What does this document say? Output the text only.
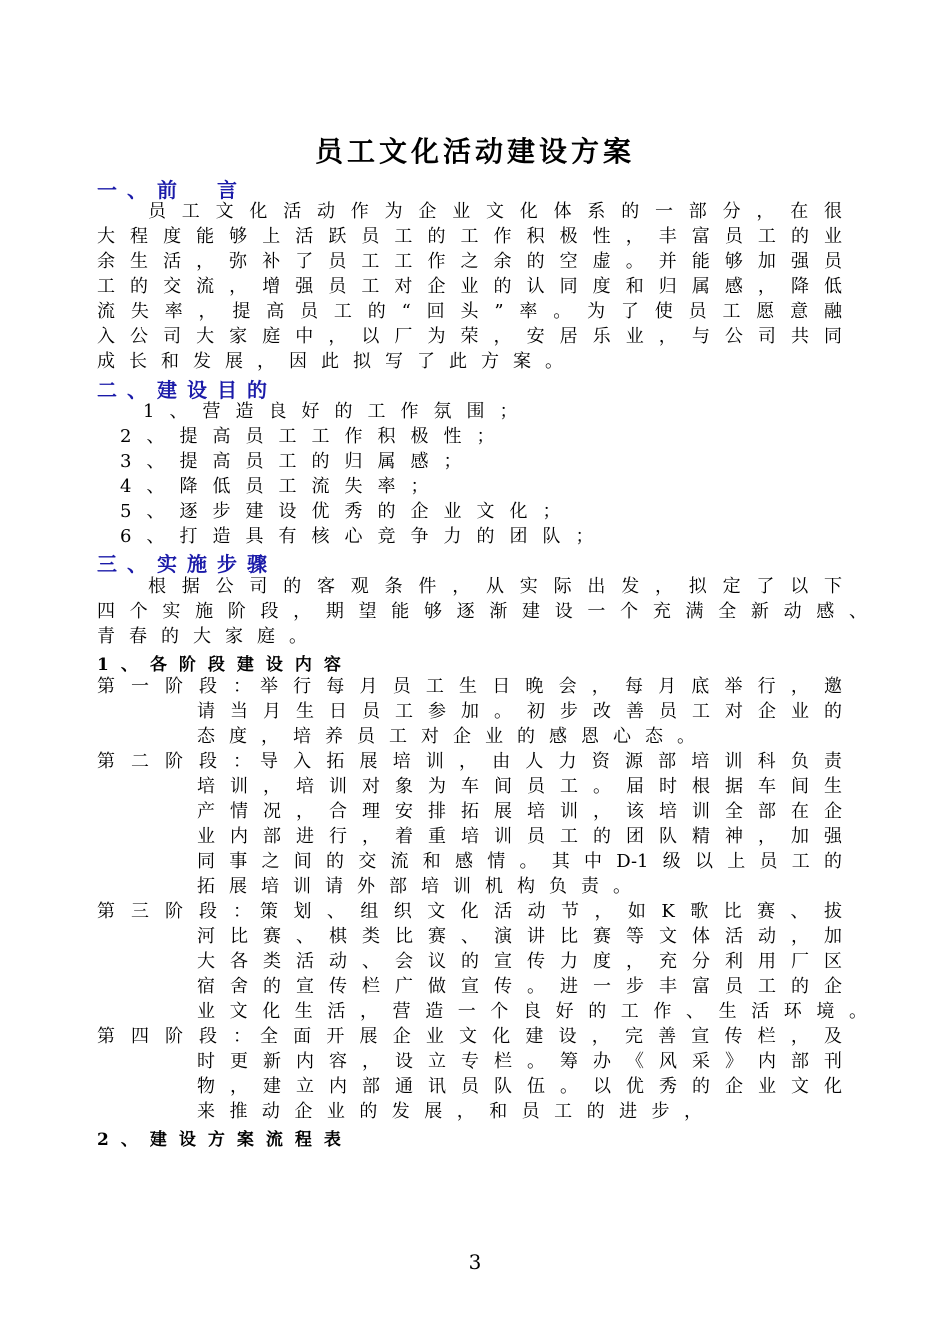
员工文化活动建设方案
一、前　言
员工文化活动作为企业文化体系的一部分，在很
大程度能够上活跃员工的工作积极性，丰富员工的业
余生活，弥补了员工工作之余的空虚。并能够加强员
工的交流，增强员工对企业的认同度和归属感，降低
流失率，提高员工的“回头”率。为了使员工愿意融
入公司大家庭中，以厂为荣，安居乐业，与公司共同
成长和发展，因此拟写了此方案。
二、建设目的
1、营造良好的工作氛围；
2、提高员工工作积极性；
3、提高员工的归属感；
4、降低员工流失率；
5、逐步建设优秀的企业文化；
6、打造具有核心竞争力的团队；
三、实施步骤
根据公司的客观条件，从实际出发，拟定了以下
四个实施阶段，期望能够逐渐建设一个充满全新动感、
青春的大家庭。
1、各阶段建设内容
第一阶段：
举行每月员工生日晚会，每月底举行，邀
请当月生日员工参加。初步改善员工对企业的
态度，培养员工对企业的感恩心态。
第二阶段：
导入拓展培训，由人力资源部培训科负责
培训，培训对象为车间员工。届时根据车间生
产情况，合理安排拓展培训，该培训全部在企
业内部进行，着重培训员工的团队精神，加强
同事之间的交流和感情。其中D-1级以上员工的
拓展培训请外部培训机构负责。
第三阶段：
策划、组织文化活动节，如K歌比赛、拔
河比赛、棋类比赛、演讲比赛等文体活动，加
大各类活动、会议的宣传力度，充分利用厂区
宿舍的宣传栏广做宣传。进一步丰富员工的企
业文化生活，营造一个良好的工作、生活环境。
第四阶段：
全面开展企业文化建设，完善宣传栏，及
时更新内容，设立专栏。筹办《风采》内部刊
物，建立内部通讯员队伍。以优秀的企业文化
来推动企业的发展，和员工的进步，
2、建设方案流程表
3
